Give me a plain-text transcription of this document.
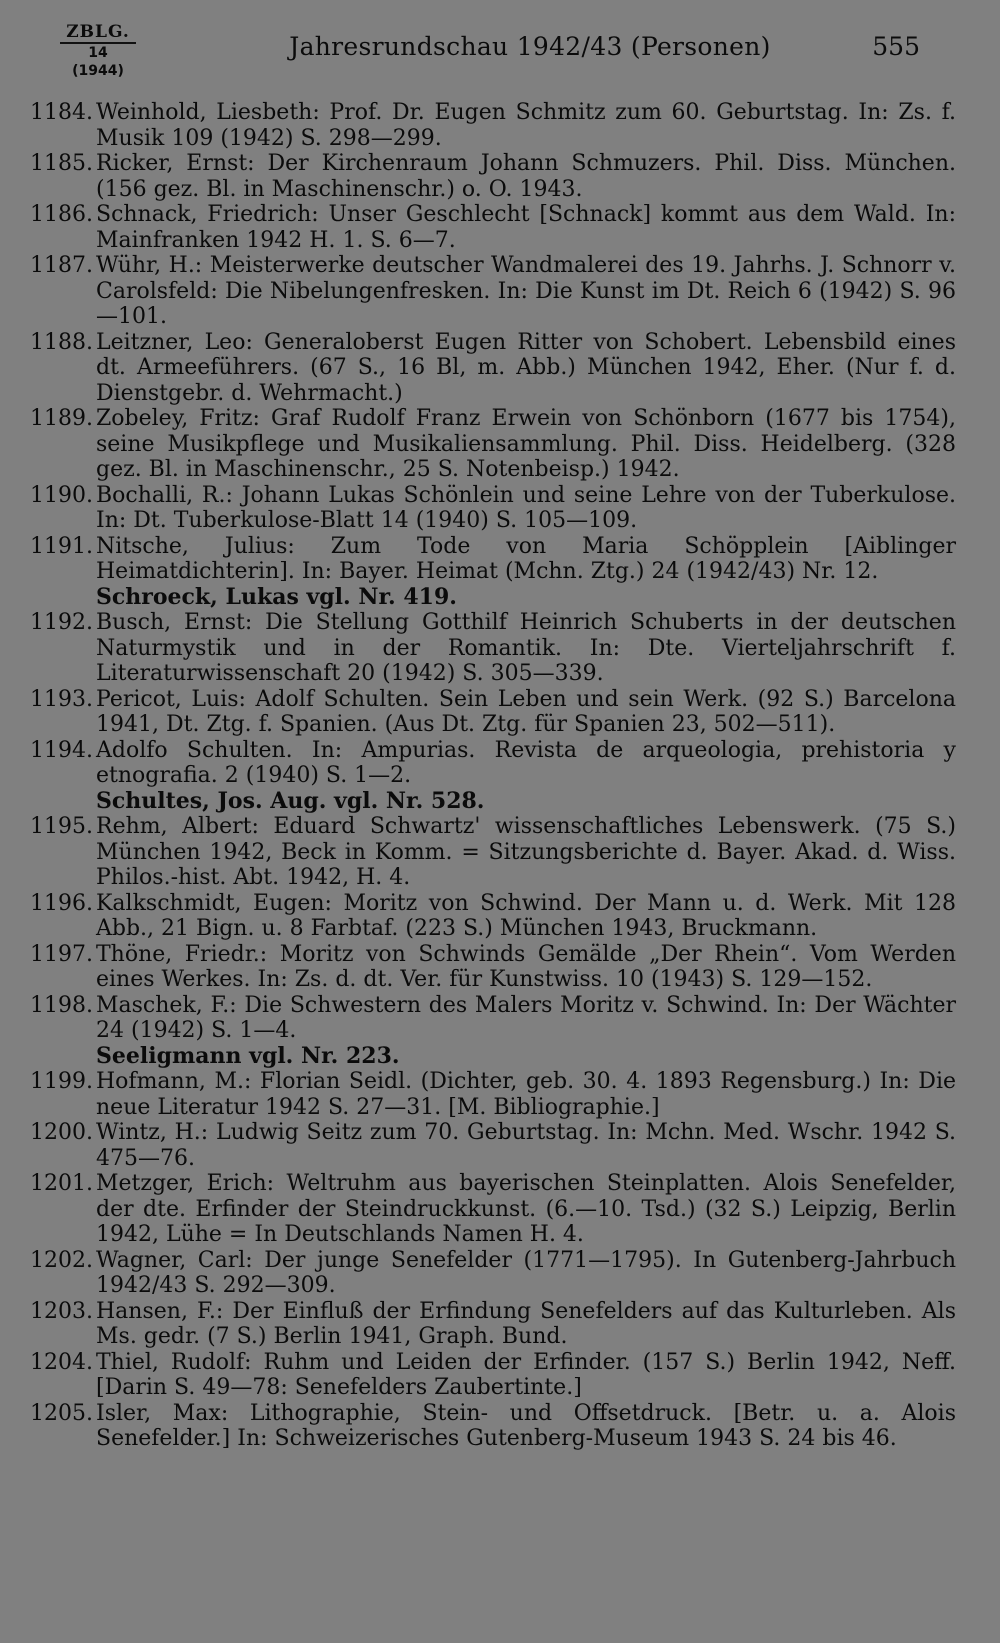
ZBLG.
14 (1944)
Jahresrundschau 1942/43 (Personen)	555
1184. Weinhold, Liesbeth: Prof. Dr. Eugen Schmitz zum 60. Geburtstag. In: Zs. f. Musik 109 (1942) S. 298—299.
1185. Ricker, Ernst: Der Kirchenraum Johann Schmuzers. Phil. Diss. München. (156 gez. Bl. in Maschinenschr.) o. O. 1943.
1186. Schnack, Friedrich: Unser Geschlecht [Schnack] kommt aus dem Wald. In: Mainfranken 1942 H. 1. S. 6—7.
1187. Wühr, H.: Meisterwerke deutscher Wandmalerei des 19. Jahrhs. J. Schnorr v. Carolsfeld: Die Nibelungenfresken. In: Die Kunst im Dt. Reich 6 (1942) S. 96—101.
1188. Leitzner, Leo: Generaloberst Eugen Ritter von Schobert. Lebensbild eines dt. Armeeführers. (67 S., 16 Bl, m. Abb.) München 1942, Eher. (Nur f. d. Dienstgebr. d. Wehrmacht.)
1189. Zobeley, Fritz: Graf Rudolf Franz Erwein von Schönborn (1677 bis 1754), seine Musikpflege und Musikaliensammlung. Phil. Diss. Heidelberg. (328 gez. Bl. in Maschinenschr., 25 S. Notenbeisp.) 1942.
1190. Bochalli, R.: Johann Lukas Schönlein und seine Lehre von der Tuberkulose. In: Dt. Tuberkulose-Blatt 14 (1940) S. 105—109.
1191. Nitsche, Julius: Zum Tode von Maria Schöpplein [Aiblinger Heimatdichterin]. In: Bayer. Heimat (Mchn. Ztg.) 24 (1942/43) Nr. 12.
Schroeck, Lukas vgl. Nr. 419.
1192. Busch, Ernst: Die Stellung Gotthilf Heinrich Schuberts in der deutschen Naturmystik und in der Romantik. In: Dte. Vierteljahrschrift f. Literaturwissenschaft 20 (1942) S. 305—339.
1193. Pericot, Luis: Adolf Schulten. Sein Leben und sein Werk. (92 S.) Barcelona 1941, Dt. Ztg. f. Spanien. (Aus Dt. Ztg. für Spanien 23, 502—511).
1194. Adolfo Schulten. In: Ampurias. Revista de arqueologia, prehistoria y etnografia. 2 (1940) S. 1—2.
Schultes, Jos. Aug. vgl. Nr. 528.
1195. Rehm, Albert: Eduard Schwartz' wissenschaftliches Lebenswerk. (75 S.) München 1942, Beck in Komm. = Sitzungsberichte d. Bayer. Akad. d. Wiss. Philos.-hist. Abt. 1942, H. 4.
1196. Kalkschmidt, Eugen: Moritz von Schwind. Der Mann u. d. Werk. Mit 128 Abb., 21 Bign. u. 8 Farbtaf. (223 S.) München 1943, Bruckmann.
1197. Thöne, Friedr.: Moritz von Schwinds Gemälde „Der Rhein“. Vom Werden eines Werkes. In: Zs. d. dt. Ver. für Kunstwiss. 10 (1943) S. 129—152.
1198. Maschek, F.: Die Schwestern des Malers Moritz v. Schwind. In: Der Wächter 24 (1942) S. 1—4.
Seeligmann vgl. Nr. 223.
1199. Hofmann, M.: Florian Seidl. (Dichter, geb. 30. 4. 1893 Regensburg.) In: Die neue Literatur 1942 S. 27—31. [M. Bibliographie.]
1200. Wintz, H.: Ludwig Seitz zum 70. Geburtstag. In: Mchn. Med. Wschr. 1942 S. 475—76.
1201. Metzger, Erich: Weltruhm aus bayerischen Steinplatten. Alois Senefelder, der dte. Erfinder der Steindruckkunst. (6.—10. Tsd.) (32 S.) Leipzig, Berlin 1942, Lühe = In Deutschlands Namen H. 4.
1202. Wagner, Carl: Der junge Senefelder (1771—1795). In Gutenberg-Jahrbuch 1942/43 S. 292—309.
1203. Hansen, F.: Der Einfluß der Erfindung Senefelders auf das Kulturleben. Als Ms. gedr. (7 S.) Berlin 1941, Graph. Bund.
1204. Thiel, Rudolf: Ruhm und Leiden der Erfinder. (157 S.) Berlin 1942, Neff. [Darin S. 49—78: Senefelders Zaubertinte.]
1205. Isler, Max: Lithographie, Stein- und Offsetdruck. [Betr. u. a. Alois Senefelder.] In: Schweizerisches Gutenberg-Museum 1943 S. 24 bis 46.
